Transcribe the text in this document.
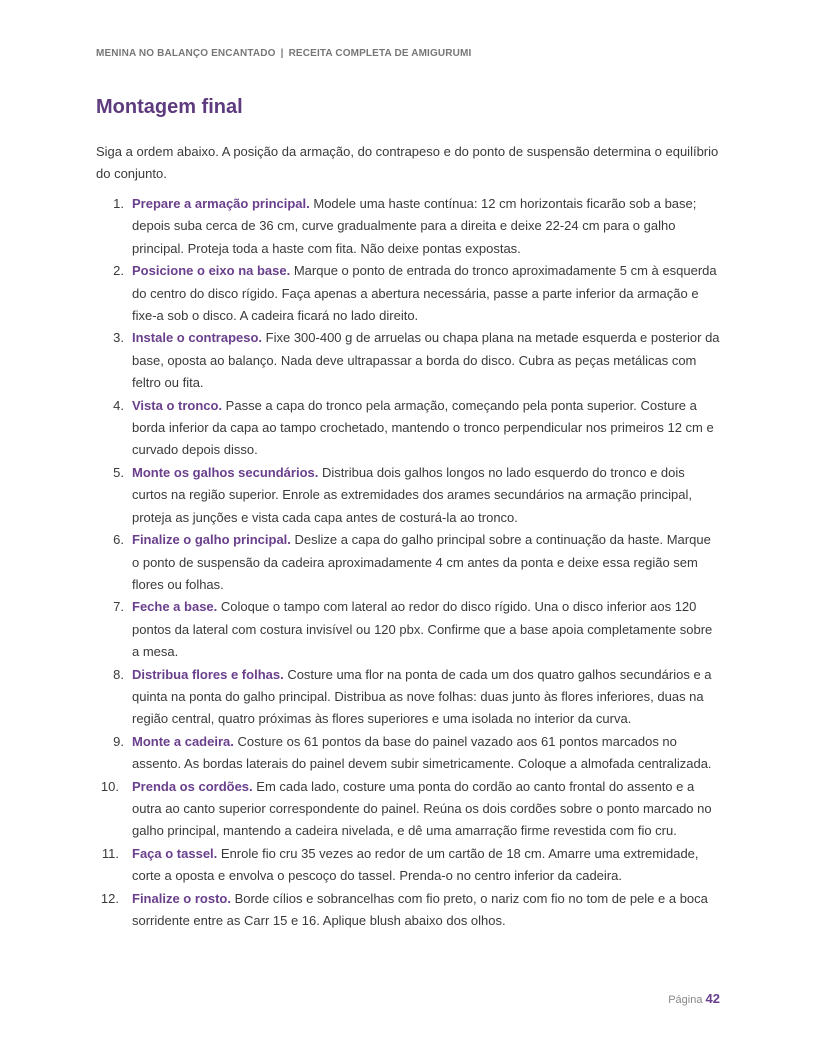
MENINA NO BALANÇO ENCANTADO | RECEITA COMPLETA DE AMIGURUMI
Montagem final

Siga a ordem abaixo. A posição da armação, do contrapeso e do ponto de suspensão determina o equilíbrio do conjunto.

1. Prepare a armação principal. Modele uma haste contínua: 12 cm horizontais ficarão sob a base; depois suba cerca de 36 cm, curve gradualmente para a direita e deixe 22-24 cm para o galho principal. Proteja toda a haste com fita. Não deixe pontas expostas.
2. Posicione o eixo na base. Marque o ponto de entrada do tronco aproximadamente 5 cm à esquerda do centro do disco rígido. Faça apenas a abertura necessária, passe a parte inferior da armação e fixe-a sob o disco. A cadeira ficará no lado direito.
3. Instale o contrapeso. Fixe 300-400 g de arruelas ou chapa plana na metade esquerda e posterior da base, oposta ao balanço. Nada deve ultrapassar a borda do disco. Cubra as peças metálicas com feltro ou fita.
4. Vista o tronco. Passe a capa do tronco pela armação, começando pela ponta superior. Costure a borda inferior da capa ao tampo crochetado, mantendo o tronco perpendicular nos primeiros 12 cm e curvado depois disso.
5. Monte os galhos secundários. Distribua dois galhos longos no lado esquerdo do tronco e dois curtos na região superior. Enrole as extremidades dos arames secundários na armação principal, proteja as junções e vista cada capa antes de costurá-la ao tronco.
6. Finalize o galho principal. Deslize a capa do galho principal sobre a continuação da haste. Marque o ponto de suspensão da cadeira aproximadamente 4 cm antes da ponta e deixe essa região sem flores ou folhas.
7. Feche a base. Coloque o tampo com lateral ao redor do disco rígido. Una o disco inferior aos 120 pontos da lateral com costura invisível ou 120 pbx. Confirme que a base apoia completamente sobre a mesa.
8. Distribua flores e folhas. Costure uma flor na ponta de cada um dos quatro galhos secundários e a quinta na ponta do galho principal. Distribua as nove folhas: duas junto às flores inferiores, duas na região central, quatro próximas às flores superiores e uma isolada no interior da curva.
9. Monte a cadeira. Costure os 61 pontos da base do painel vazado aos 61 pontos marcados no assento. As bordas laterais do painel devem subir simetricamente. Coloque a almofada centralizada.
10. Prenda os cordões. Em cada lado, costure uma ponta do cordão ao canto frontal do assento e a outra ao canto superior correspondente do painel. Reúna os dois cordões sobre o ponto marcado no galho principal, mantendo a cadeira nivelada, e dê uma amarração firme revestida com fio cru.
11. Faça o tassel. Enrole fio cru 35 vezes ao redor de um cartão de 18 cm. Amarre uma extremidade, corte a oposta e envolva o pescoço do tassel. Prenda-o no centro inferior da cadeira.
12. Finalize o rosto. Borde cílios e sobrancelhas com fio preto, o nariz com fio no tom de pele e a boca sorridente entre as Carr 15 e 16. Aplique blush abaixo dos olhos.
Página 42
